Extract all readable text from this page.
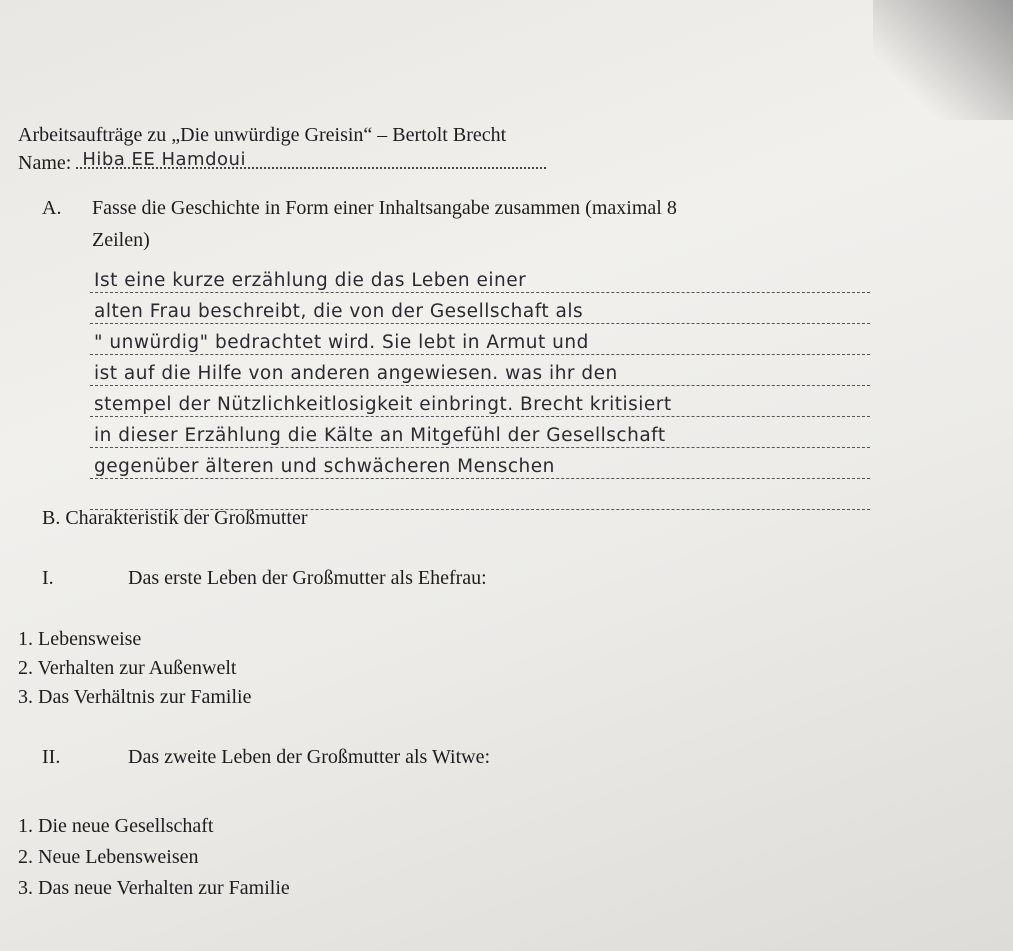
Arbeitsaufträge zu „Die unwürdige Greisin“ – Bertolt Brecht
Name: Hiba EE Hamdoui
A. Fasse die Geschichte in Form einer Inhaltsangabe zusammen (maximal 8
Zeilen)
Ist eine kurze erzählung die das Leben einer
alten Frau beschreibt, die von der Gesellschaft als
" unwürdig" bedrachtet wird. Sie lebt in Armut und
ist auf die Hilfe von anderen angewiesen. was ihr den
stempel der Nützlichkeitlosigkeit einbringt. Brecht kritisiert
in dieser Erzählung die Kälte an Mitgefühl der Gesellschaft
gegenüber älteren und schwächeren Menschen
B. Charakteristik der Großmutter
I.	Das erste Leben der Großmutter als Ehefrau:
1. Lebensweise
2. Verhalten zur Außenwelt
3. Das Verhältnis zur Familie
II.	Das zweite Leben der Großmutter als Witwe:
1. Die neue Gesellschaft
2. Neue Lebensweisen
3. Das neue Verhalten zur Familie
